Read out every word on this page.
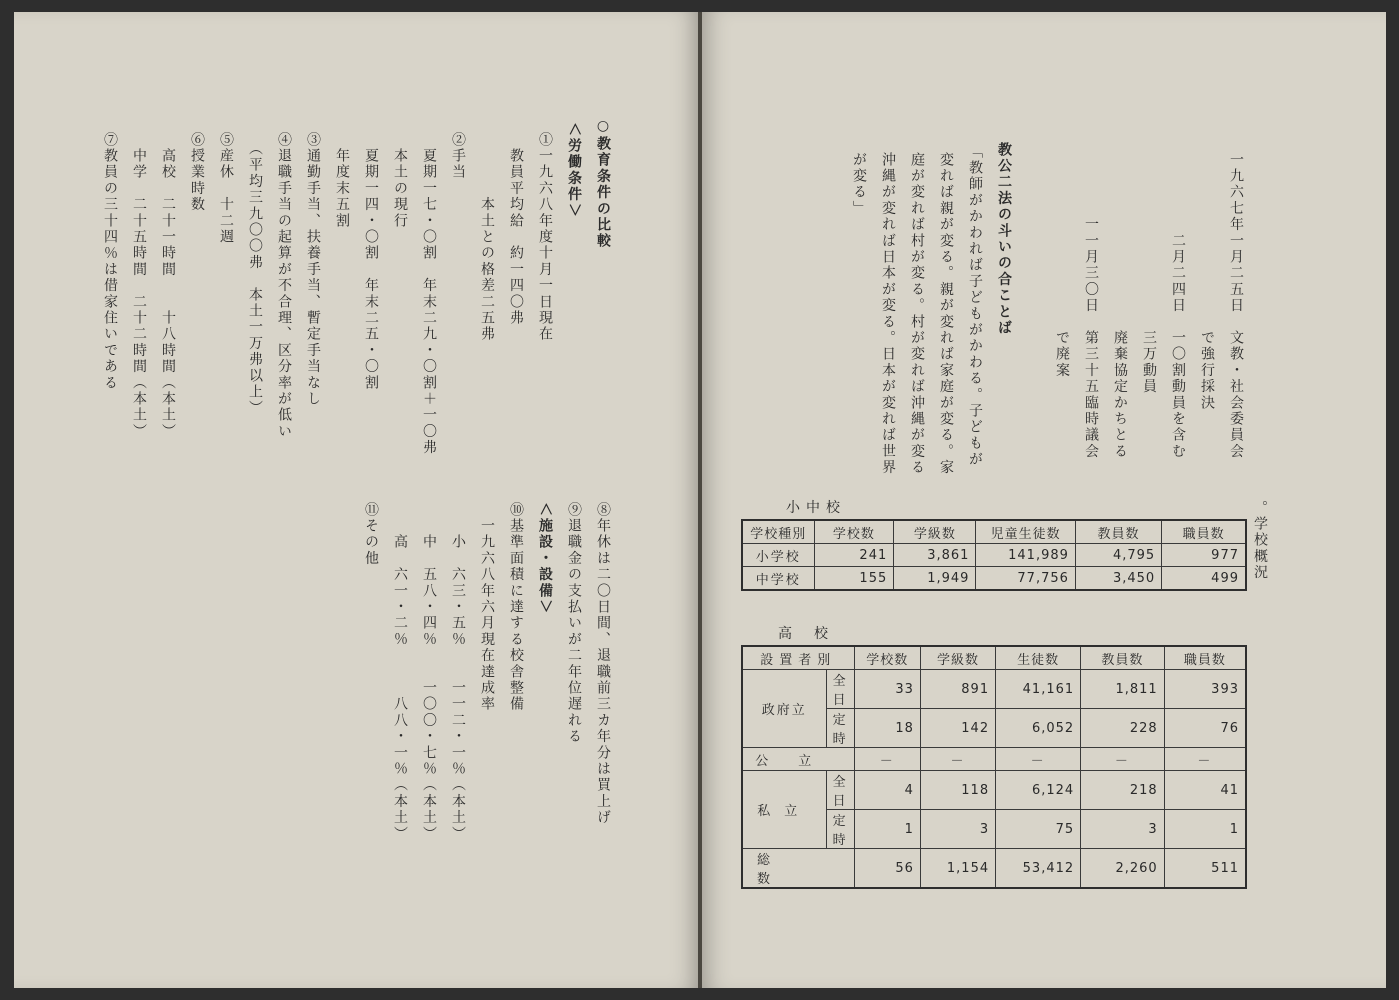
一九六七年一月二五日　文教・社会委員会
　　　　　　　　　　　で強行採決
　　　　　二月二四日　一〇割動員を含む
　　　　　　　　　　　三万動員
　　　　　　　　　　　廃棄協定かちとる
　　　　一一月三〇日　第三十五臨時議会
　　　　　　　　　　　で廃案
教公二法の斗いの合ことば
「教師がかわれば子どもがかわる。子どもが
変れば親が変る。親が変れば家庭が変る。家
庭が変れば村が変る。村が変れば沖縄が変る
沖縄が変れば日本が変る。日本が変れば世界
が変る」
。学校概況
小中校
学校種別	学校数	学級数	児童生徒数	教員数	職員数
小学校	241	3,861	141,989	4,795	977
中学校	155	1,949	77,756	3,450	499
高校
設置者別		学校数	学級数	生徒数	教員数	職員数
政府立	全日	33	891	41,161	1,811	393
	定時	18	142	6,052	228	76
公立		－	－	－	－	－
私立	全日	4	118	6,124	218	41
	定時	1	3	75	3	1
総数		56	1,154	53,412	2,260	511
○教育条件の比較
＜労働条件＞
①一九六八年度十月一日現在
　教員平均給　約一四〇弗
　　　　本土との格差二五弗
②手当
　夏期一七・〇割　年末二九・〇割＋一〇弗
　本土の現行
　夏期一四・〇割　年末二五・〇割
　年度末五割
③通勤手当、扶養手当、暫定手当なし
④退職手当の起算が不合理、区分率が低い
　（平均三九〇〇弗　本土一万弗以上）
⑤産休　十二週
⑥授業時数
　高校　二十一時間　　十八時間（本土）
　中学　二十五時間　二十二時間（本土）
⑦教員の三十四％は借家住いである
⑧年休は二〇日間、退職前三カ年分は買上げ
⑨退職金の支払いが二年位遅れる
＜施設・設備＞
⑩基準面積に達する校舎整備
　一九六八年六月現在達成率
　　小　六三・五％　　一一二・一％（本土）
　　中　五八・四％　　一〇〇・七％（本土）
　　高　六一・二％　　　八八・一％（本土）
⑪その他
